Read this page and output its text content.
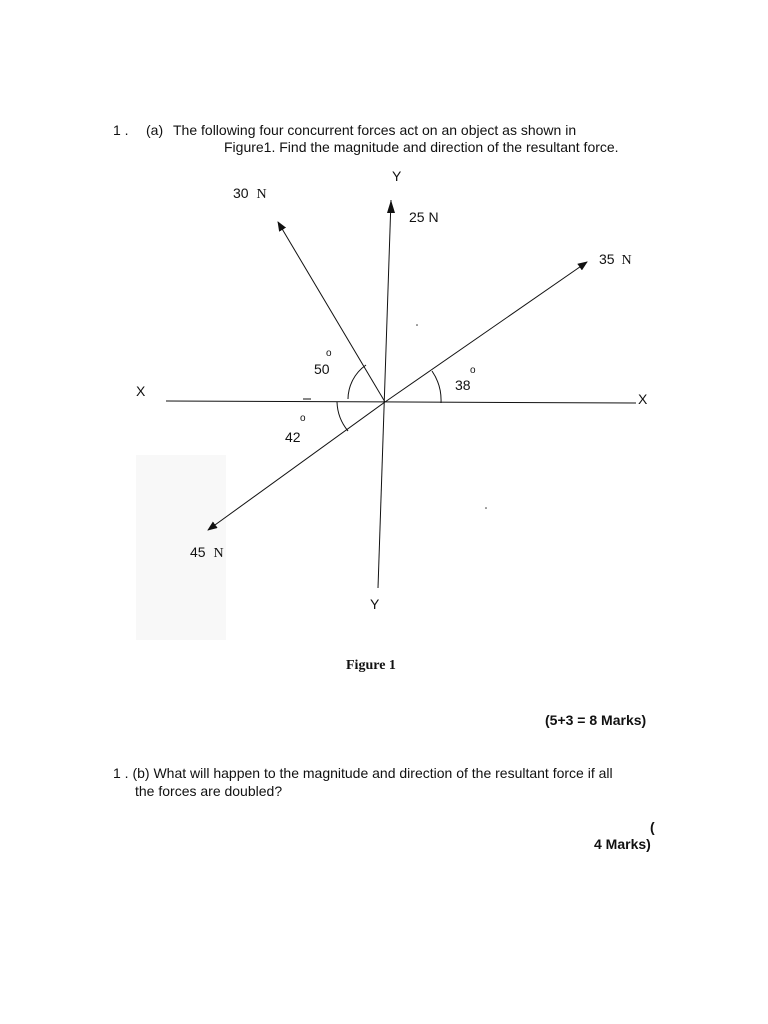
1 . (a) The following four concurrent forces act on an object as shown in
Figure1. Find the magnitude and direction of the resultant force.
Y
Y
X	X
30 N
25 N
35 N
45 N
50
o
38
o
42
o
Figure 1
(5+3 = 8 Marks)
1 . (b) What will happen to the magnitude and direction of the resultant force if all
the forces are doubled?
(
4 Marks)
